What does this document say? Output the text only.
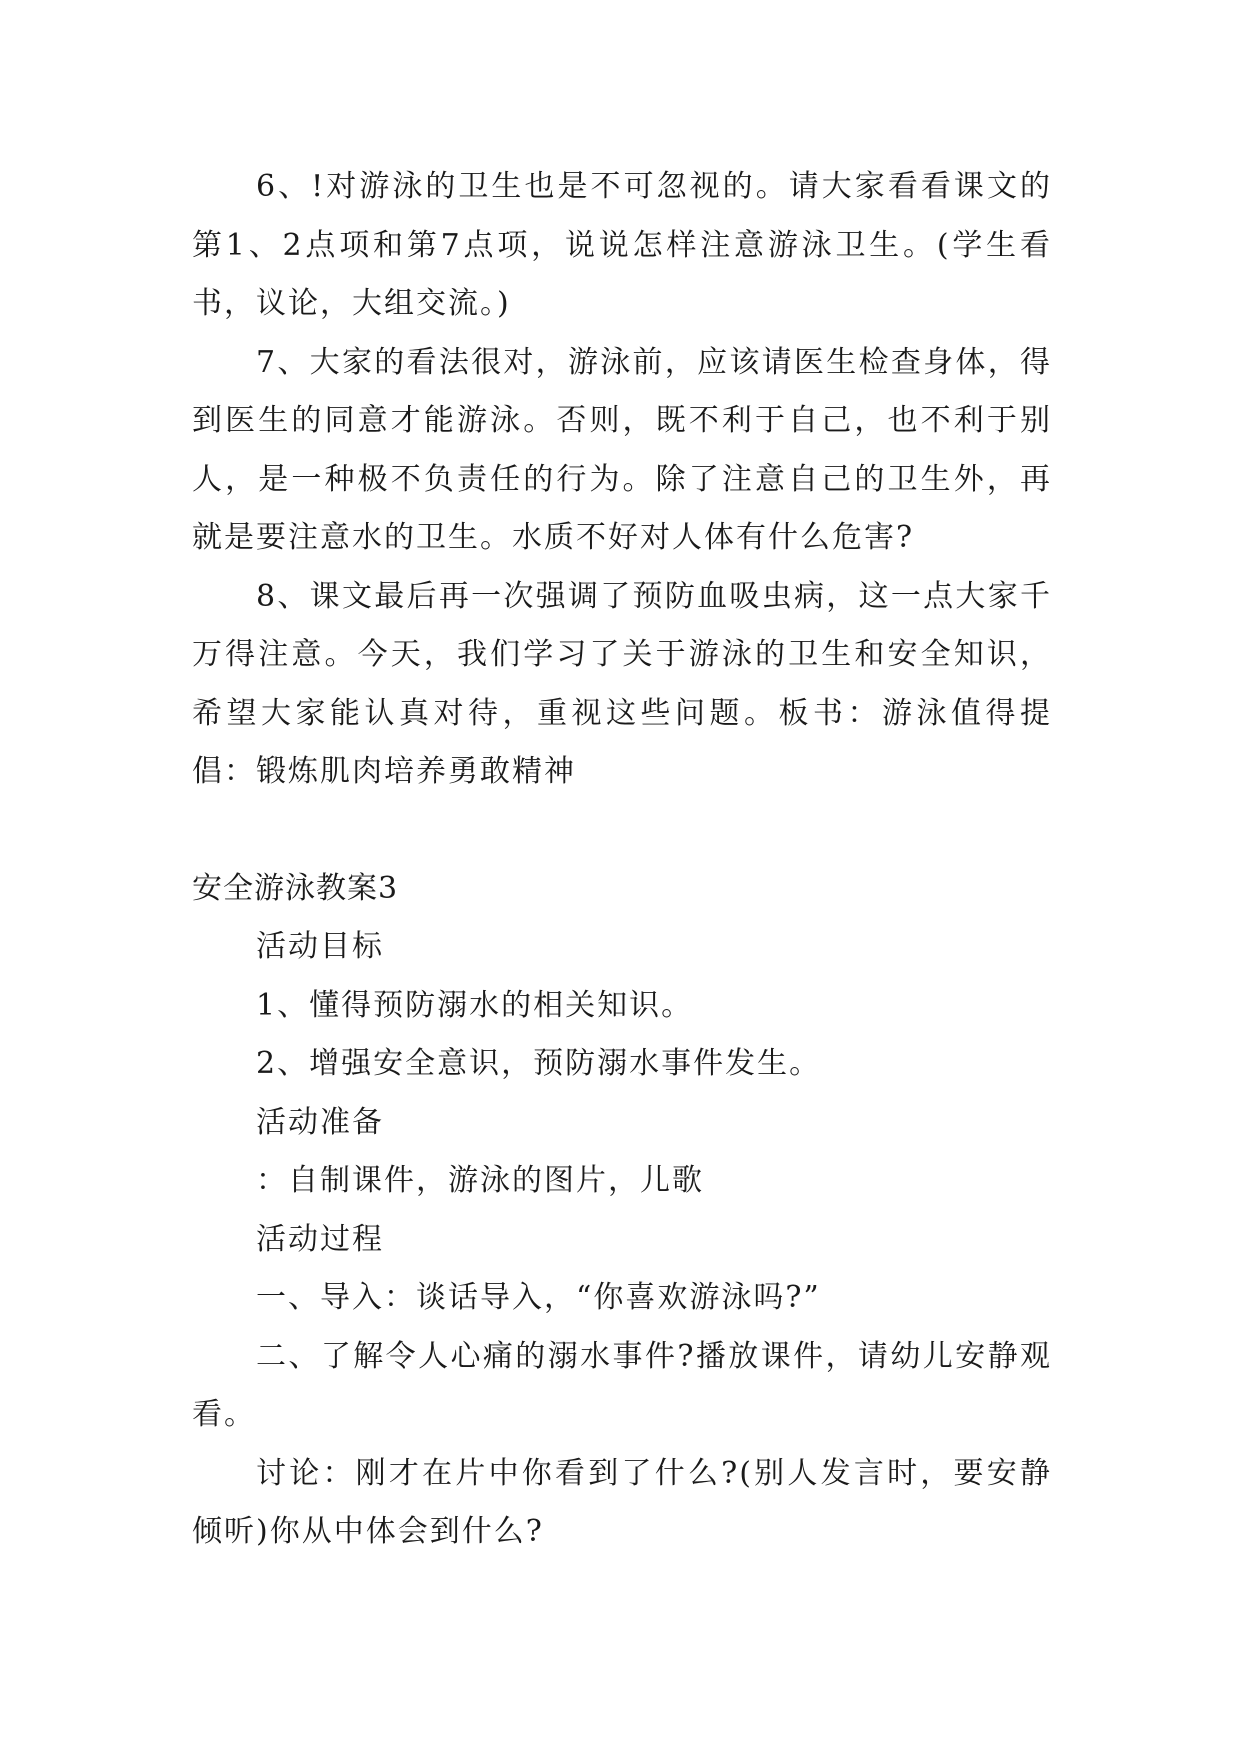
6、!对游泳的卫生也是不可忽视的。请大家看看课文的第1、2点项和第7点项，说说怎样注意游泳卫生。(学生看书，议论，大组交流。)

7、大家的看法很对，游泳前，应该请医生检查身体，得到医生的同意才能游泳。否则，既不利于自己，也不利于别人，是一种极不负责任的行为。除了注意自己的卫生外，再就是要注意水的卫生。水质不好对人体有什么危害?

8、课文最后再一次强调了预防血吸虫病，这一点大家千万得注意。今天，我们学习了关于游泳的卫生和安全知识，希望大家能认真对待，重视这些问题。板书：游泳值得提倡：锻炼肌肉培养勇敢精神

安全游泳教案3

活动目标

1、懂得预防溺水的相关知识。

2、增强安全意识，预防溺水事件发生。

活动准备

：自制课件，游泳的图片，儿歌

活动过程

一、导入：谈话导入，“你喜欢游泳吗?”

二、了解令人心痛的溺水事件?播放课件，请幼儿安静观看。

讨论：刚才在片中你看到了什么?(别人发言时，要安静倾听)你从中体会到什么?
